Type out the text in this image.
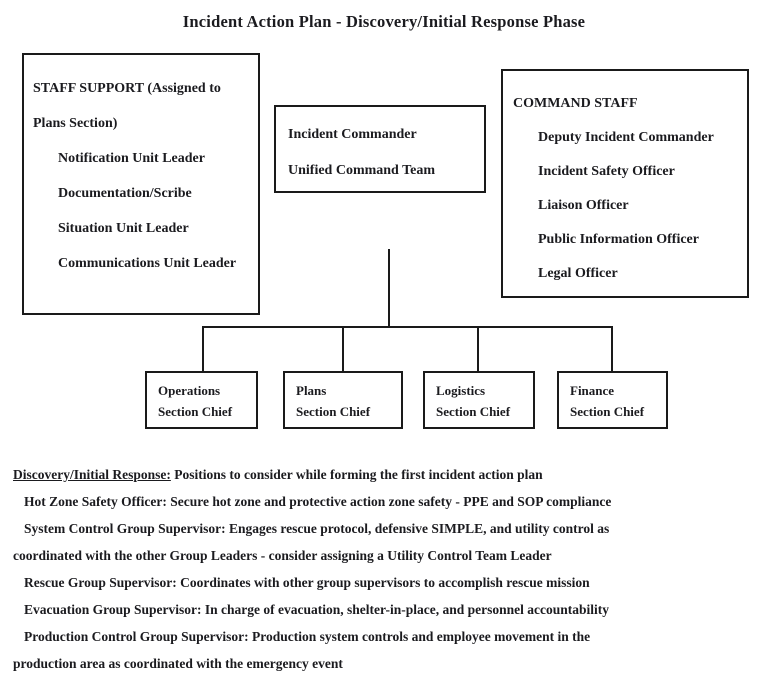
Incident Action Plan - Discovery/Initial Response Phase
STAFF SUPPORT (Assigned to
Plans Section)
Notification Unit Leader
Documentation/Scribe
Situation Unit Leader
Communications Unit Leader
Incident Commander
Unified Command Team
COMMAND STAFF
Deputy Incident Commander
Incident Safety Officer
Liaison Officer
Public Information Officer
Legal Officer
Operations
Section Chief
Plans
Section Chief
Logistics
Section Chief
Finance
Section Chief
Discovery/Initial Response: Positions to consider while forming the first incident action plan
Hot Zone Safety Officer: Secure hot zone and protective action zone safety - PPE and SOP compliance
System Control Group Supervisor: Engages rescue protocol, defensive SIMPLE, and utility control as
coordinated with the other Group Leaders - consider assigning a Utility Control Team Leader
Rescue Group Supervisor: Coordinates with other group supervisors to accomplish rescue mission
Evacuation Group Supervisor: In charge of evacuation, shelter-in-place, and personnel accountability
Production Control Group Supervisor: Production system controls and employee movement in the
production area as coordinated with the emergency event
